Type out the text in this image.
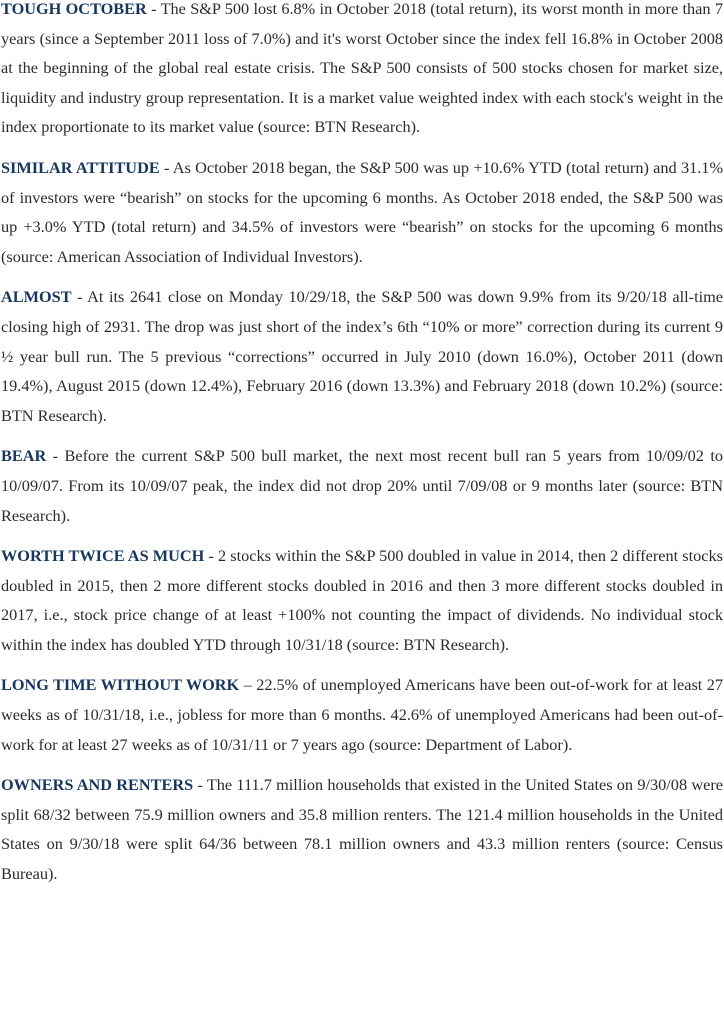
TOUGH OCTOBER - The S&P 500 lost 6.8% in October 2018 (total return), its worst month in more than 7 years (since a September 2011 loss of 7.0%) and it's worst October since the index fell 16.8% in October 2008 at the beginning of the global real estate crisis. The S&P 500 consists of 500 stocks chosen for market size, liquidity and industry group representation. It is a market value weighted index with each stock's weight in the index proportionate to its market value (source: BTN Research).

SIMILAR ATTITUDE - As October 2018 began, the S&P 500 was up +10.6% YTD (total return) and 31.1% of investors were “bearish” on stocks for the upcoming 6 months. As October 2018 ended, the S&P 500 was up +3.0% YTD (total return) and 34.5% of investors were “bearish” on stocks for the upcoming 6 months (source: American Association of Individual Investors).

ALMOST - At its 2641 close on Monday 10/29/18, the S&P 500 was down 9.9% from its 9/20/18 all-time closing high of 2931. The drop was just short of the index’s 6th “10% or more” correction during its current 9 ½ year bull run. The 5 previous “corrections” occurred in July 2010 (down 16.0%), October 2011 (down 19.4%), August 2015 (down 12.4%), February 2016 (down 13.3%) and February 2018 (down 10.2%) (source: BTN Research).

BEAR - Before the current S&P 500 bull market, the next most recent bull ran 5 years from 10/09/02 to 10/09/07. From its 10/09/07 peak, the index did not drop 20% until 7/09/08 or 9 months later (source: BTN Research).

WORTH TWICE AS MUCH - 2 stocks within the S&P 500 doubled in value in 2014, then 2 different stocks doubled in 2015, then 2 more different stocks doubled in 2016 and then 3 more different stocks doubled in 2017, i.e., stock price change of at least +100% not counting the impact of dividends. No individual stock within the index has doubled YTD through 10/31/18 (source: BTN Research).

LONG TIME WITHOUT WORK – 22.5% of unemployed Americans have been out-of-work for at least 27 weeks as of 10/31/18, i.e., jobless for more than 6 months. 42.6% of unemployed Americans had been out-of-work for at least 27 weeks as of 10/31/11 or 7 years ago (source: Department of Labor).

OWNERS AND RENTERS - The 111.7 million households that existed in the United States on 9/30/08 were split 68/32 between 75.9 million owners and 35.8 million renters. The 121.4 million households in the United States on 9/30/18 were split 64/36 between 78.1 million owners and 43.3 million renters (source: Census Bureau).
